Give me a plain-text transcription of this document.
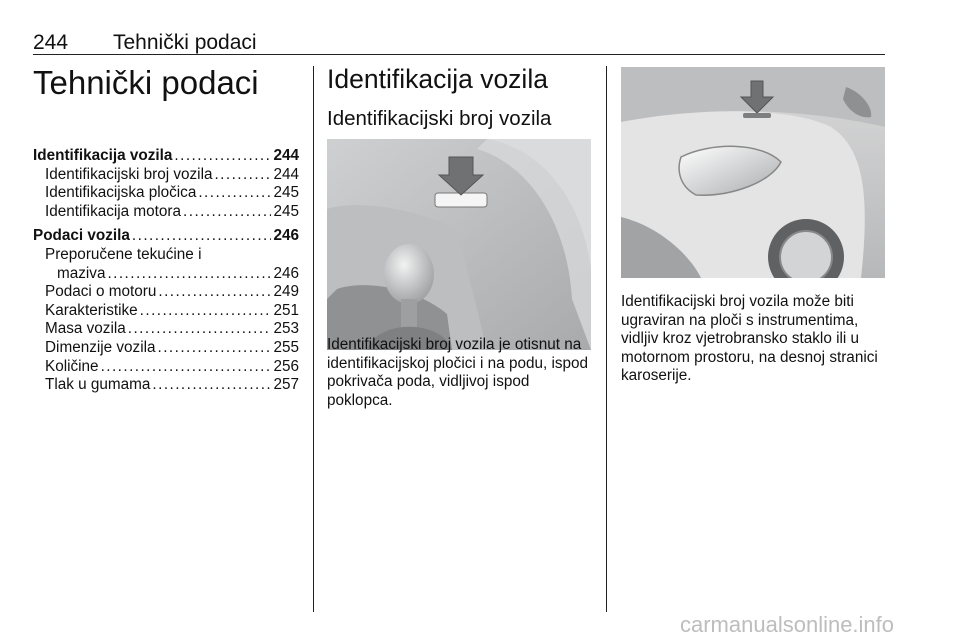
244 Tehnički podaci
Tehnički podaci
Identifikacija vozila . . .	244
Identifikacijski broj vozila . . .	244
Identifikacijska pločica . . .	245
Identifikacija motora . . .	245
Podaci vozila . . .	246
Preporučene tekućine i
maziva . . .	246
Podaci o motoru . . .	249
Karakteristike . . .	251
Masa vozila . . .	253
Dimenzije vozila . . .	255
Količine . . .	256
Tlak u gumama . . .	257
Identifikacija vozila
Identifikacijski broj vozila
Identifikacijski broj vozila je otisnut na identifikacijskoj pločici i na podu, ispod pokrivača poda, vidljivoj ispod poklopca.
Identifikacijski broj vozila može biti ugraviran na ploči s instrumentima, vidljiv kroz vjetrobransko staklo ili u motornom prostoru, na desnoj stranici karoserije.
carmanualsonline.info
